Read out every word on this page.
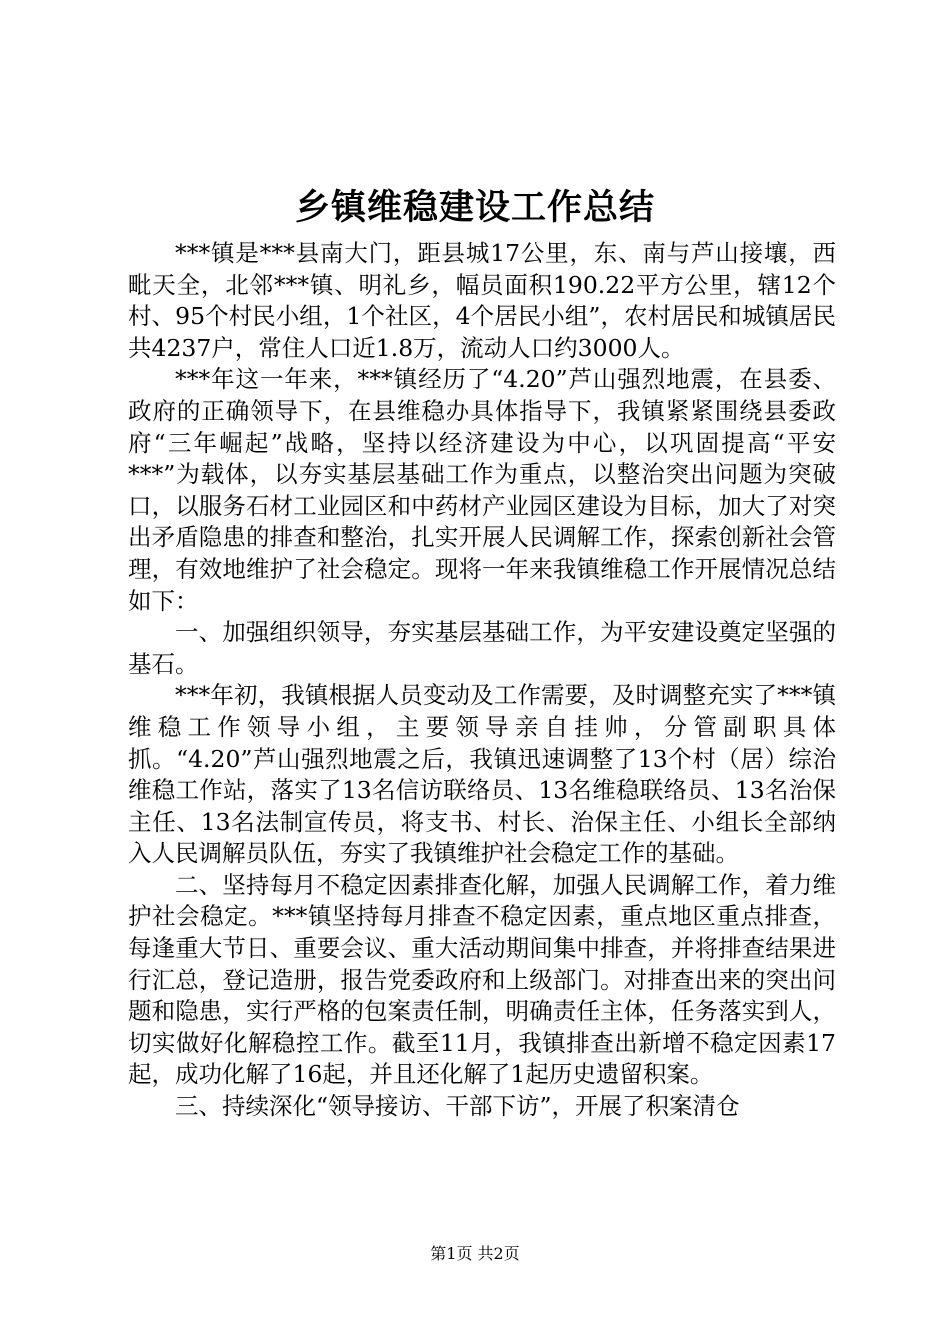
乡镇维稳建设工作总结

***镇是***县南大门，距县城17公里，东、南与芦山接壤，西毗天全，北邻***镇、明礼乡，幅员面积190.22平方公里，辖12个村、95个村民小组，1个社区，4个居民小组”，农村居民和城镇居民共4237户，常住人口近1.8万，流动人口约3000人。

***年这一年来，***镇经历了“4.20”芦山强烈地震，在县委、政府的正确领导下，在县维稳办具体指导下，我镇紧紧围绕县委政府“三年崛起”战略，坚持以经济建设为中心，以巩固提高“平安***”为载体，以夯实基层基础工作为重点，以整治突出问题为突破口，以服务石材工业园区和中药材产业园区建设为目标，加大了对突出矛盾隐患的排查和整治，扎实开展人民调解工作，探索创新社会管理，有效地维护了社会稳定。现将一年来我镇维稳工作开展情况总结如下：

一、加强组织领导，夯实基层基础工作，为平安建设奠定坚强的基石。

***年初，我镇根据人员变动及工作需要，及时调整充实了***镇维稳工作领导小组，主要领导亲自挂帅，分管副职具体抓。“4.20”芦山强烈地震之后，我镇迅速调整了13个村（居）综治维稳工作站，落实了13名信访联络员、13名维稳联络员、13名治保主任、13名法制宣传员，将支书、村长、治保主任、小组长全部纳入人民调解员队伍，夯实了我镇维护社会稳定工作的基础。

二、坚持每月不稳定因素排查化解，加强人民调解工作，着力维护社会稳定。***镇坚持每月排查不稳定因素，重点地区重点排查，每逢重大节日、重要会议、重大活动期间集中排查，并将排查结果进行汇总，登记造册，报告党委政府和上级部门。对排查出来的突出问题和隐患，实行严格的包案责任制，明确责任主体，任务落实到人，切实做好化解稳控工作。截至11月，我镇排查出新增不稳定因素17起，成功化解了16起，并且还化解了1起历史遗留积案。

三、持续深化“领导接访、干部下访”，开展了积案清仓

第1页 共2页
